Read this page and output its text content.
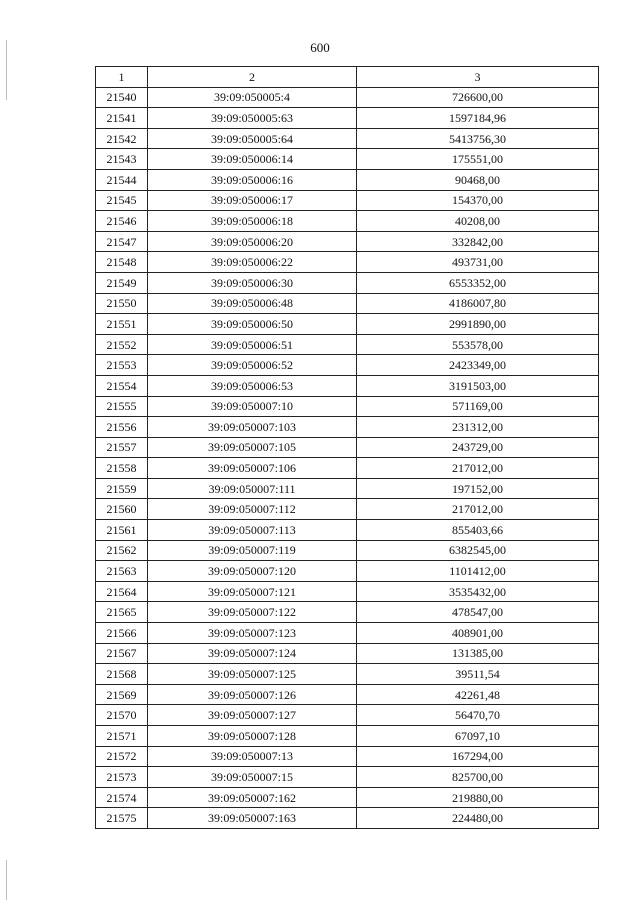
600
1	2	3
21540	39:09:050005:4	726600,00
21541	39:09:050005:63	1597184,96
21542	39:09:050005:64	5413756,30
21543	39:09:050006:14	175551,00
21544	39:09:050006:16	90468,00
21545	39:09:050006:17	154370,00
21546	39:09:050006:18	40208,00
21547	39:09:050006:20	332842,00
21548	39:09:050006:22	493731,00
21549	39:09:050006:30	6553352,00
21550	39:09:050006:48	4186007,80
21551	39:09:050006:50	2991890,00
21552	39:09:050006:51	553578,00
21553	39:09:050006:52	2423349,00
21554	39:09:050006:53	3191503,00
21555	39:09:050007:10	571169,00
21556	39:09:050007:103	231312,00
21557	39:09:050007:105	243729,00
21558	39:09:050007:106	217012,00
21559	39:09:050007:111	197152,00
21560	39:09:050007:112	217012,00
21561	39:09:050007:113	855403,66
21562	39:09:050007:119	6382545,00
21563	39:09:050007:120	1101412,00
21564	39:09:050007:121	3535432,00
21565	39:09:050007:122	478547,00
21566	39:09:050007:123	408901,00
21567	39:09:050007:124	131385,00
21568	39:09:050007:125	39511,54
21569	39:09:050007:126	42261,48
21570	39:09:050007:127	56470,70
21571	39:09:050007:128	67097,10
21572	39:09:050007:13	167294,00
21573	39:09:050007:15	825700,00
21574	39:09:050007:162	219880,00
21575	39:09:050007:163	224480,00
